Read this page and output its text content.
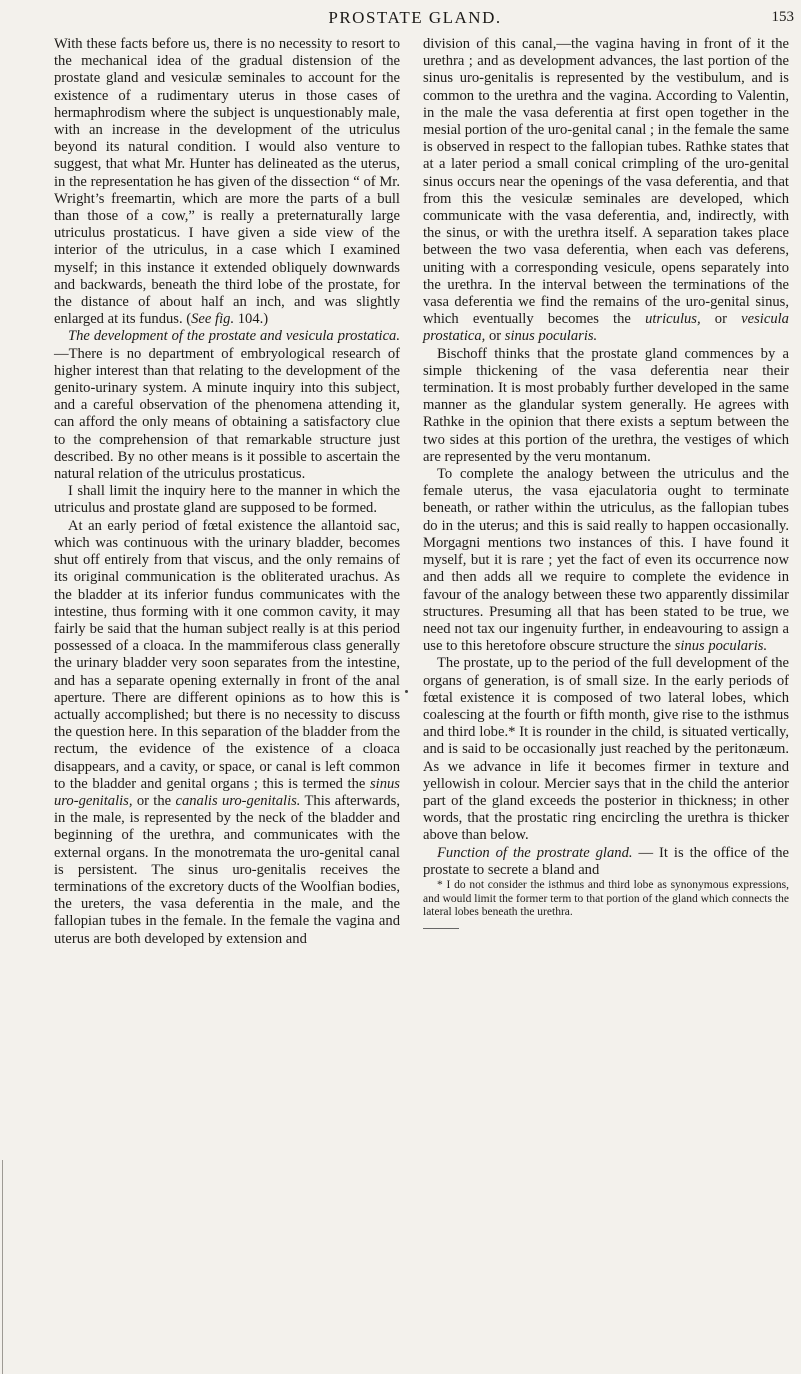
PROSTATE GLAND.	153

With these facts before us, there is no necessity to resort to the mechanical idea of the gradual distension of the prostate gland and vesiculæ seminales to account for the existence of a rudimentary uterus in those cases of hermaphrodism where the subject is unquestionably male, with an increase in the development of the utriculus beyond its natural condition. I would also venture to suggest, that what Mr. Hunter has delineated as the uterus, in the representation he has given of the dissection “ of Mr. Wright’s freemartin, which are more the parts of a bull than those of a cow,” is really a preternaturally large utriculus prostaticus. I have given a side view of the interior of the utriculus, in a case which I examined myself; in this instance it extended obliquely downwards and backwards, beneath the third lobe of the prostate, for the distance of about half an inch, and was slightly enlarged at its fundus. (See fig. 104.)

The development of the prostate and vesicula prostatica.—There is no department of embryological research of higher interest than that relating to the development of the genito-urinary system. A minute inquiry into this subject, and a careful observation of the phenomena attending it, can afford the only means of obtaining a satisfactory clue to the comprehension of that remarkable structure just described. By no other means is it possible to ascertain the natural relation of the utriculus prostaticus.

I shall limit the inquiry here to the manner in which the utriculus and prostate gland are supposed to be formed.

At an early period of fœtal existence the allantoid sac, which was continuous with the urinary bladder, becomes shut off entirely from that viscus, and the only remains of its original communication is the obliterated urachus. As the bladder at its inferior fundus communicates with the intestine, thus forming with it one common cavity, it may fairly be said that the human subject really is at this period possessed of a cloaca. In the mammiferous class generally the urinary bladder very soon separates from the intestine, and has a separate opening externally in front of the anal aperture. There are different opinions as to how this is actually accomplished; but there is no necessity to discuss the question here. In this separation of the bladder from the rectum, the evidence of the existence of a cloaca disappears, and a cavity, or space, or canal is left common to the bladder and genital organs ; this is termed the sinus uro-genitalis, or the canalis uro-genitalis. This afterwards, in the male, is represented by the neck of the bladder and beginning of the urethra, and communicates with the external organs. In the monotremata the uro-genital canal is persistent. The sinus uro-genitalis receives the terminations of the excretory ducts of the Woolfian bodies, the ureters, the vasa deferentia in the male, and the fallopian tubes in the female. In the female the vagina and uterus are both developed by extension and

division of this canal,—the vagina having in front of it the urethra ; and as development advances, the last portion of the sinus uro-genitalis is represented by the vestibulum, and is common to the urethra and the vagina. According to Valentin, in the male the vasa deferentia at first open together in the mesial portion of the uro-genital canal ; in the female the same is observed in respect to the fallopian tubes. Rathke states that at a later period a small conical crimpling of the uro-genital sinus occurs near the openings of the vasa deferentia, and that from this the vesiculæ seminales are developed, which communicate with the vasa deferentia, and, indirectly, with the sinus, or with the urethra itself. A separation takes place between the two vasa deferentia, when each vas deferens, uniting with a corresponding vesicule, opens separately into the urethra. In the interval between the terminations of the vasa deferentia we find the remains of the uro-genital sinus, which eventually becomes the utriculus, or vesicula prostatica, or sinus pocularis.

Bischoff thinks that the prostate gland commences by a simple thickening of the vasa deferentia near their termination. It is most probably further developed in the same manner as the glandular system generally. He agrees with Rathke in the opinion that there exists a septum between the two sides at this portion of the urethra, the vestiges of which are represented by the veru montanum.

To complete the analogy between the utriculus and the female uterus, the vasa ejaculatoria ought to terminate beneath, or rather within the utriculus, as the fallopian tubes do in the uterus; and this is said really to happen occasionally. Morgagni mentions two instances of this. I have found it myself, but it is rare ; yet the fact of even its occurrence now and then adds all we require to complete the evidence in favour of the analogy between these two apparently dissimilar structures. Presuming all that has been stated to be true, we need not tax our ingenuity further, in endeavouring to assign a use to this heretofore obscure structure the sinus pocularis.

The prostate, up to the period of the full development of the organs of generation, is of small size. In the early periods of fœtal existence it is composed of two lateral lobes, which coalescing at the fourth or fifth month, give rise to the isthmus and third lobe.* It is rounder in the child, is situated vertically, and is said to be occasionally just reached by the peritonæum. As we advance in life it becomes firmer in texture and yellowish in colour. Mercier says that in the child the anterior part of the gland exceeds the posterior in thickness; in other words, that the prostatic ring encircling the urethra is thicker above than below.

Function of the prostrate gland. — It is the office of the prostate to secrete a bland and

* I do not consider the isthmus and third lobe as synonymous expressions, and would limit the former term to that portion of the gland which connects the lateral lobes beneath the urethra.
